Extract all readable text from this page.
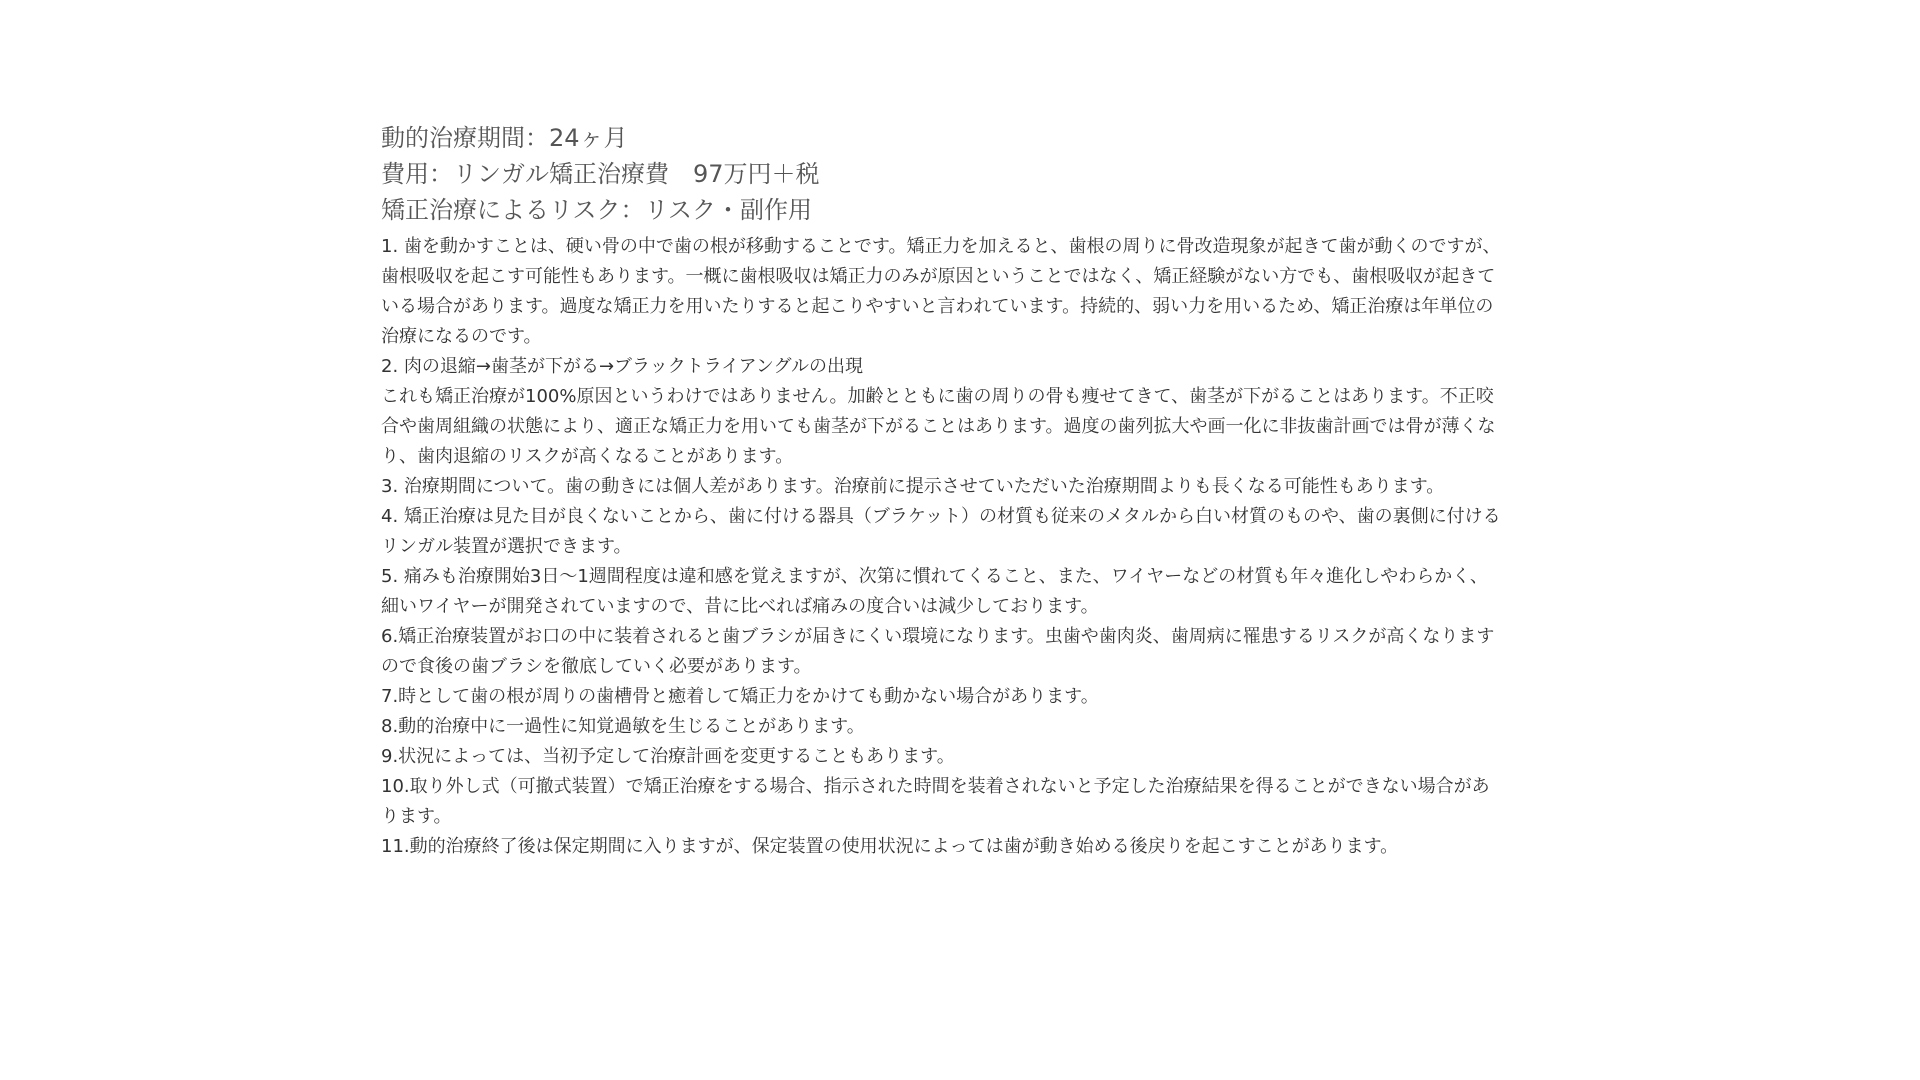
動的治療期間：24ヶ月

費用：リンガル矯正治療費　97万円＋税

矯正治療によるリスク：リスク・副作用

1. 歯を動かすことは、硬い骨の中で歯の根が移動することです。矯正力を加えると、歯根の周りに骨改造現象が起きて歯が動くのですが、歯根吸収を起こす可能性もあります。一概に歯根吸収は矯正力のみが原因ということではなく、矯正経験がない方でも、歯根吸収が起きている場合があります。過度な矯正力を用いたりすると起こりやすいと言われています。持続的、弱い力を用いるため、矯正治療は年単位の治療になるのです。

2. 肉の退縮→歯茎が下がる→ブラックトライアングルの出現

これも矯正治療が100%原因というわけではありません。加齢とともに歯の周りの骨も痩せてきて、歯茎が下がることはあります。不正咬合や歯周組織の状態により、適正な矯正力を用いても歯茎が下がることはあります。過度の歯列拡大や画一化に非抜歯計画では骨が薄くなり、歯肉退縮のリスクが高くなることがあります。

3. 治療期間について。歯の動きには個人差があります。治療前に提示させていただいた治療期間よりも長くなる可能性もあります。

4. 矯正治療は見た目が良くないことから、歯に付ける器具（ブラケット）の材質も従来のメタルから白い材質のものや、歯の裏側に付けるリンガル装置が選択できます。

5. 痛みも治療開始3日〜1週間程度は違和感を覚えますが、次第に慣れてくること、また、ワイヤーなどの材質も年々進化しやわらかく、細いワイヤーが開発されていますので、昔に比べれば痛みの度合いは減少しております。

6.矯正治療装置がお口の中に装着されると歯ブラシが届きにくい環境になります。虫歯や歯肉炎、歯周病に罹患するリスクが高くなりますので食後の歯ブラシを徹底していく必要があります。

7.時として歯の根が周りの歯槽骨と癒着して矯正力をかけても動かない場合があります。

8.動的治療中に一過性に知覚過敏を生じることがあります。

9.状況によっては、当初予定して治療計画を変更することもあります。

10.取り外し式（可撤式装置）で矯正治療をする場合、指示された時間を装着されないと予定した治療結果を得ることができない場合があります。

11.動的治療終了後は保定期間に入りますが、保定装置の使用状況によっては歯が動き始める後戻りを起こすことがあります。
